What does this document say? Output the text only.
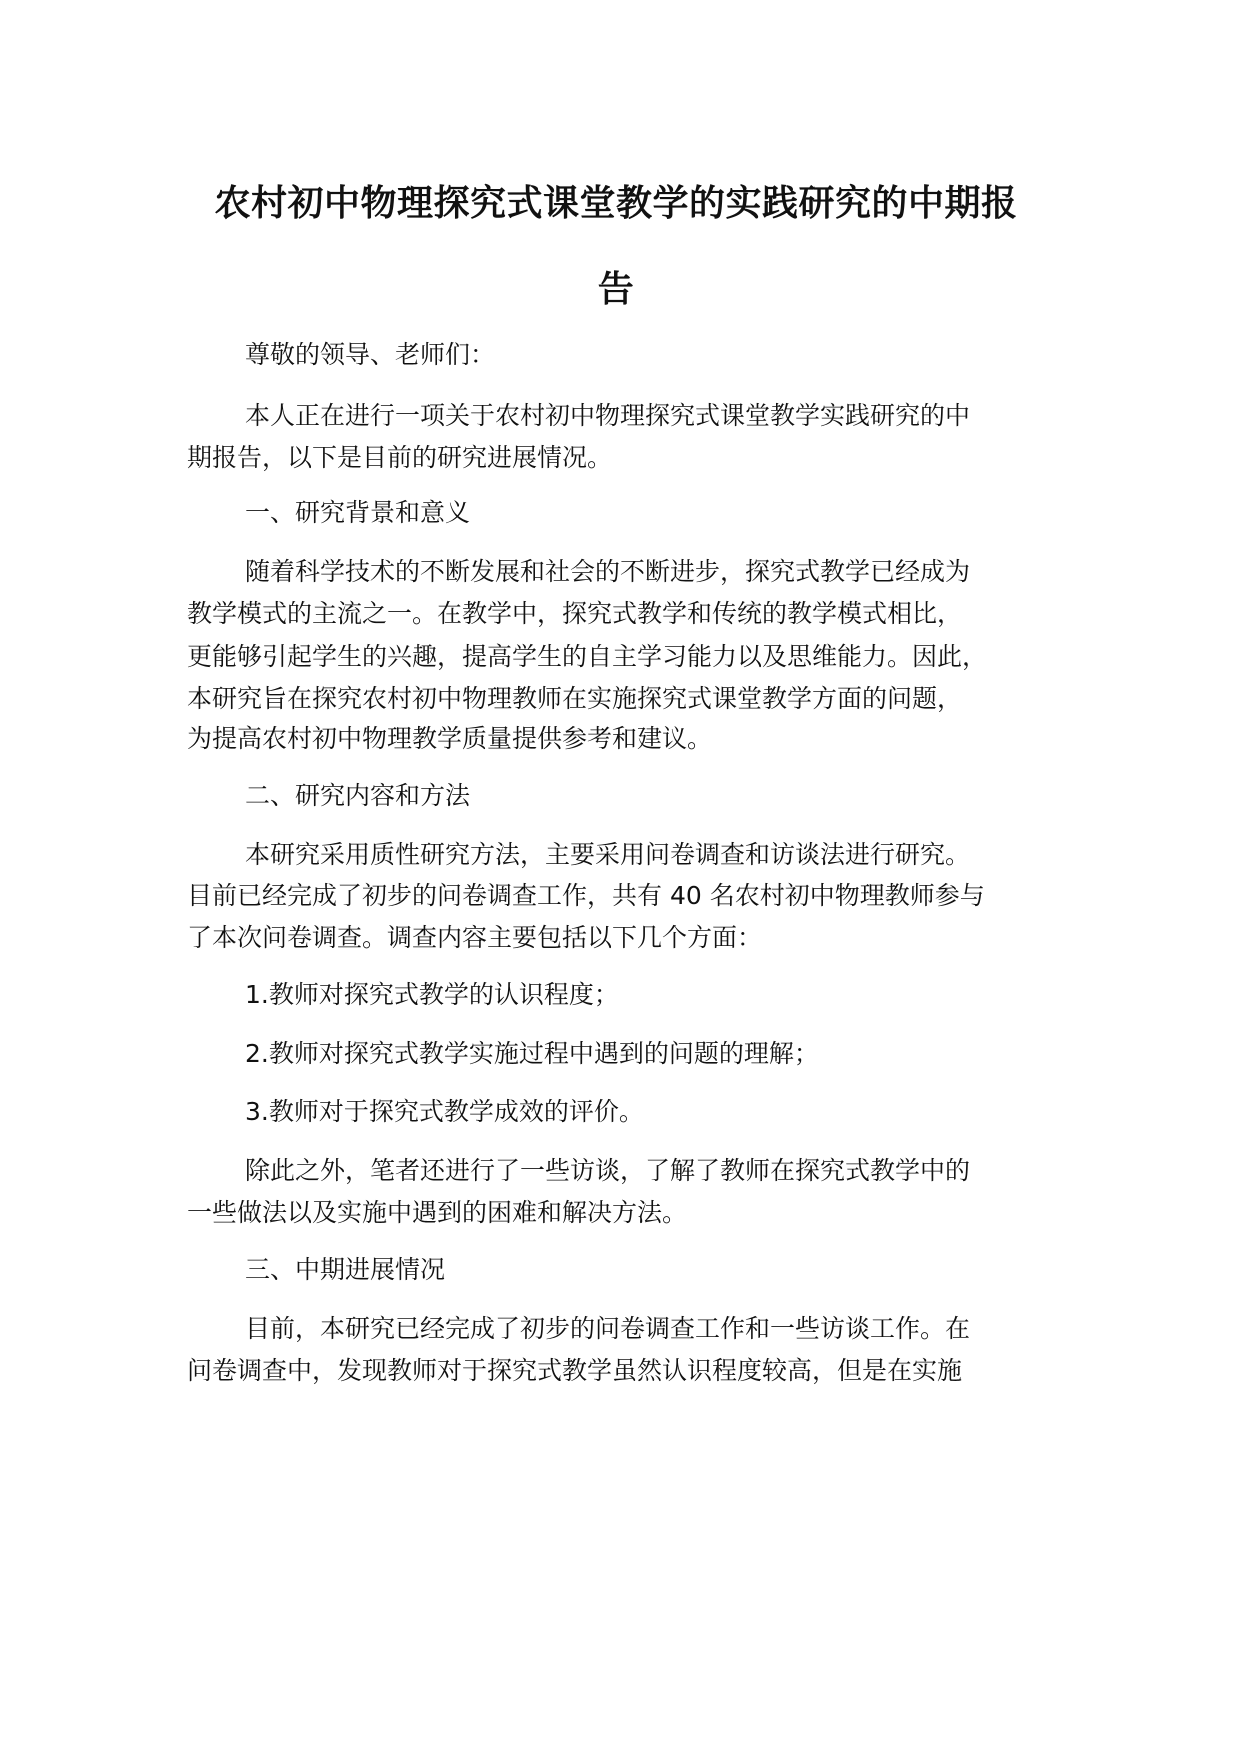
农村初中物理探究式课堂教学的实践研究的中期报
告
尊敬的领导、老师们：
本人正在进行一项关于农村初中物理探究式课堂教学实践研究的中
期报告，以下是目前的研究进展情况。
一、研究背景和意义
随着科学技术的不断发展和社会的不断进步，探究式教学已经成为
教学模式的主流之一。在教学中，探究式教学和传统的教学模式相比，
更能够引起学生的兴趣，提高学生的自主学习能力以及思维能力。因此，
本研究旨在探究农村初中物理教师在实施探究式课堂教学方面的问题，
为提高农村初中物理教学质量提供参考和建议。
二、研究内容和方法
本研究采用质性研究方法，主要采用问卷调查和访谈法进行研究。
目前已经完成了初步的问卷调查工作，共有 40 名农村初中物理教师参与
了本次问卷调查。调查内容主要包括以下几个方面：
1.教师对探究式教学的认识程度；
2.教师对探究式教学实施过程中遇到的问题的理解；
3.教师对于探究式教学成效的评价。
除此之外，笔者还进行了一些访谈，了解了教师在探究式教学中的
一些做法以及实施中遇到的困难和解决方法。
三、中期进展情况
目前，本研究已经完成了初步的问卷调查工作和一些访谈工作。在
问卷调查中，发现教师对于探究式教学虽然认识程度较高，但是在实施
